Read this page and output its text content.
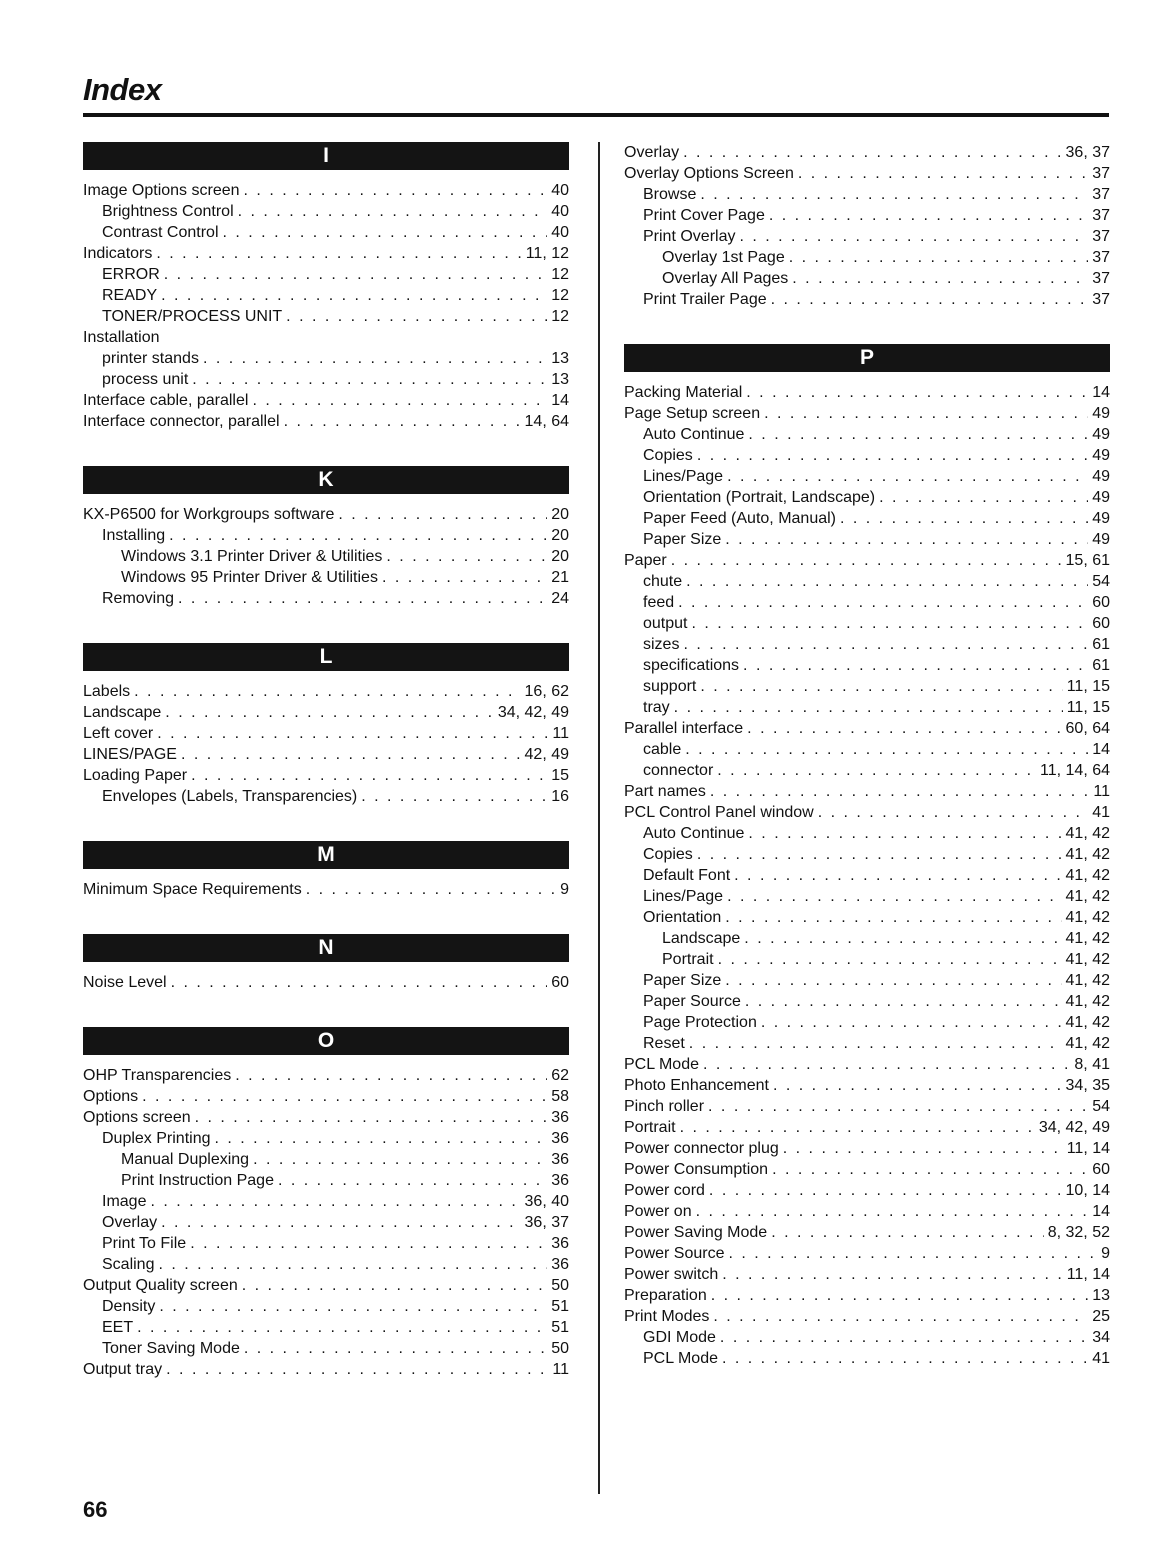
Index
I
Image Options screen . . .	40
Brightness Control . . .	40
Contrast Control . . .	40
Indicators . . .	11, 12
ERROR . . .	12
READY . . .	12
TONER/PROCESS UNIT . . .	12
Installation
printer stands . . .	13
process unit . . .	13
Interface cable, parallel . . .	14
Interface connector, parallel . . .	14, 64
K
KX-P6500 for Workgroups software . . .	20
Installing . . .	20
Windows 3.1 Printer Driver & Utilities . . .	20
Windows 95 Printer Driver & Utilities . . .	21
Removing . . .	24
L
Labels . . .	16, 62
Landscape . . .	34, 42, 49
Left cover . . .	11
LINES/PAGE . . .	42, 49
Loading Paper . . .	15
Envelopes (Labels, Transparencies) . . .	16
M
Minimum Space Requirements . . .	9
N
Noise Level . . .	60
O
OHP Transparencies . . .	62
Options . . .	58
Options screen . . .	36
Duplex Printing . . .	36
Manual Duplexing . . .	36
Print Instruction Page . . .	36
Image . . .	36, 40
Overlay . . .	36, 37
Print To File . . .	36
Scaling . . .	36
Output Quality screen . . .	50
Density . . .	51
EET . . .	51
Toner Saving Mode . . .	50
Output tray . . .	11
Overlay . . .	36, 37
Overlay Options Screen . . .	37
Browse . . .	37
Print Cover Page . . .	37
Print Overlay . . .	37
Overlay 1st Page . . .	37
Overlay All Pages . . .	37
Print Trailer Page . . .	37
P
Packing Material . . .	14
Page Setup screen . . .	49
Auto Continue . . .	49
Copies . . .	49
Lines/Page . . .	49
Orientation (Portrait, Landscape) . . .	49
Paper Feed (Auto, Manual) . . .	49
Paper Size . . .	49
Paper . . .	15, 61
chute . . .	54
feed . . .	60
output . . .	60
sizes . . .	61
specifications . . .	61
support . . .	11, 15
tray . . .	11, 15
Parallel interface . . .	60, 64
cable . . .	14
connector . . .	11, 14, 64
Part names . . .	11
PCL Control Panel window . . .	41
Auto Continue . . .	41, 42
Copies . . .	41, 42
Default Font . . .	41, 42
Lines/Page . . .	41, 42
Orientation . . .	41, 42
Landscape . . .	41, 42
Portrait . . .	41, 42
Paper Size . . .	41, 42
Paper Source . . .	41, 42
Page Protection . . .	41, 42
Reset . . .	41, 42
PCL Mode . . .	8, 41
Photo Enhancement . . .	34, 35
Pinch roller . . .	54
Portrait . . .	34, 42, 49
Power connector plug . . .	11, 14
Power Consumption . . .	60
Power cord . . .	10, 14
Power on . . .	14
Power Saving Mode . . .	8, 32, 52
Power Source . . .	9
Power switch . . .	11, 14
Preparation . . .	13
Print Modes . . .	25
GDI Mode . . .	34
PCL Mode . . .	41
66
